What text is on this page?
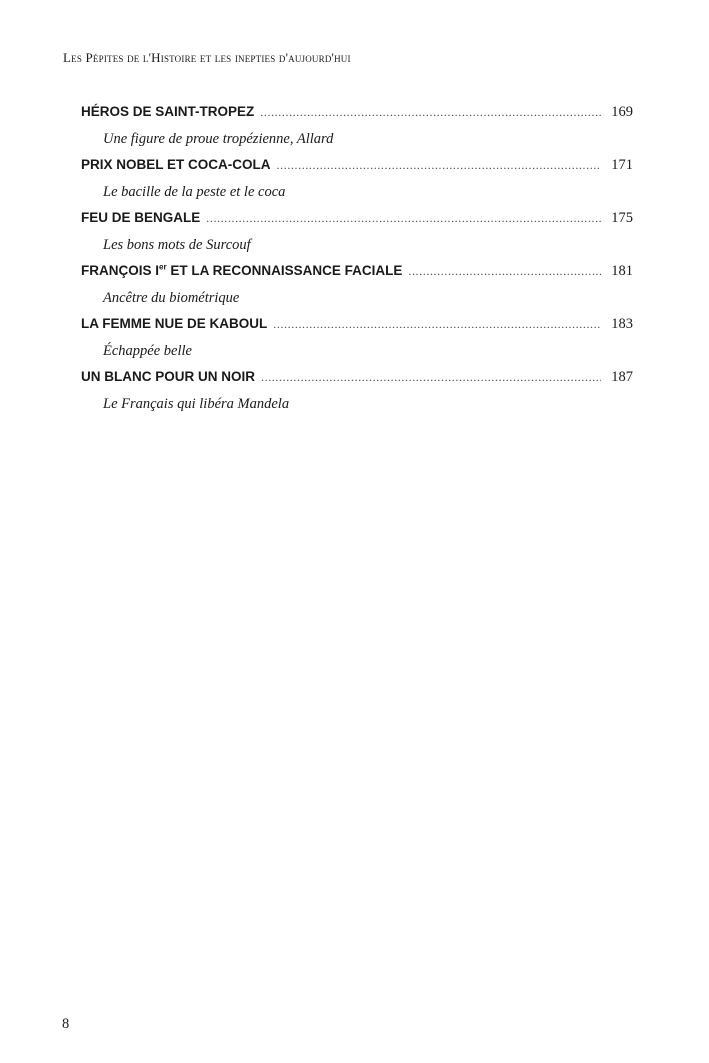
Les Pépites de l'Histoire et les inepties d'aujourd'hui
HÉROS DE SAINT-TROPEZ .....	169
Une figure de proue tropézienne, Allard
PRIX NOBEL ET COCA-COLA .....	171
Le bacille de la peste et le coca
FEU DE BENGALE .....	175
Les bons mots de Surcouf
FRANÇOIS Ier ET LA RECONNAISSANCE FACIALE .....	181
Ancêtre du biométrique
LA FEMME NUE DE KABOUL .....	183
Échappée belle
UN BLANC POUR UN NOIR .....	187
Le Français qui libéra Mandela
8
